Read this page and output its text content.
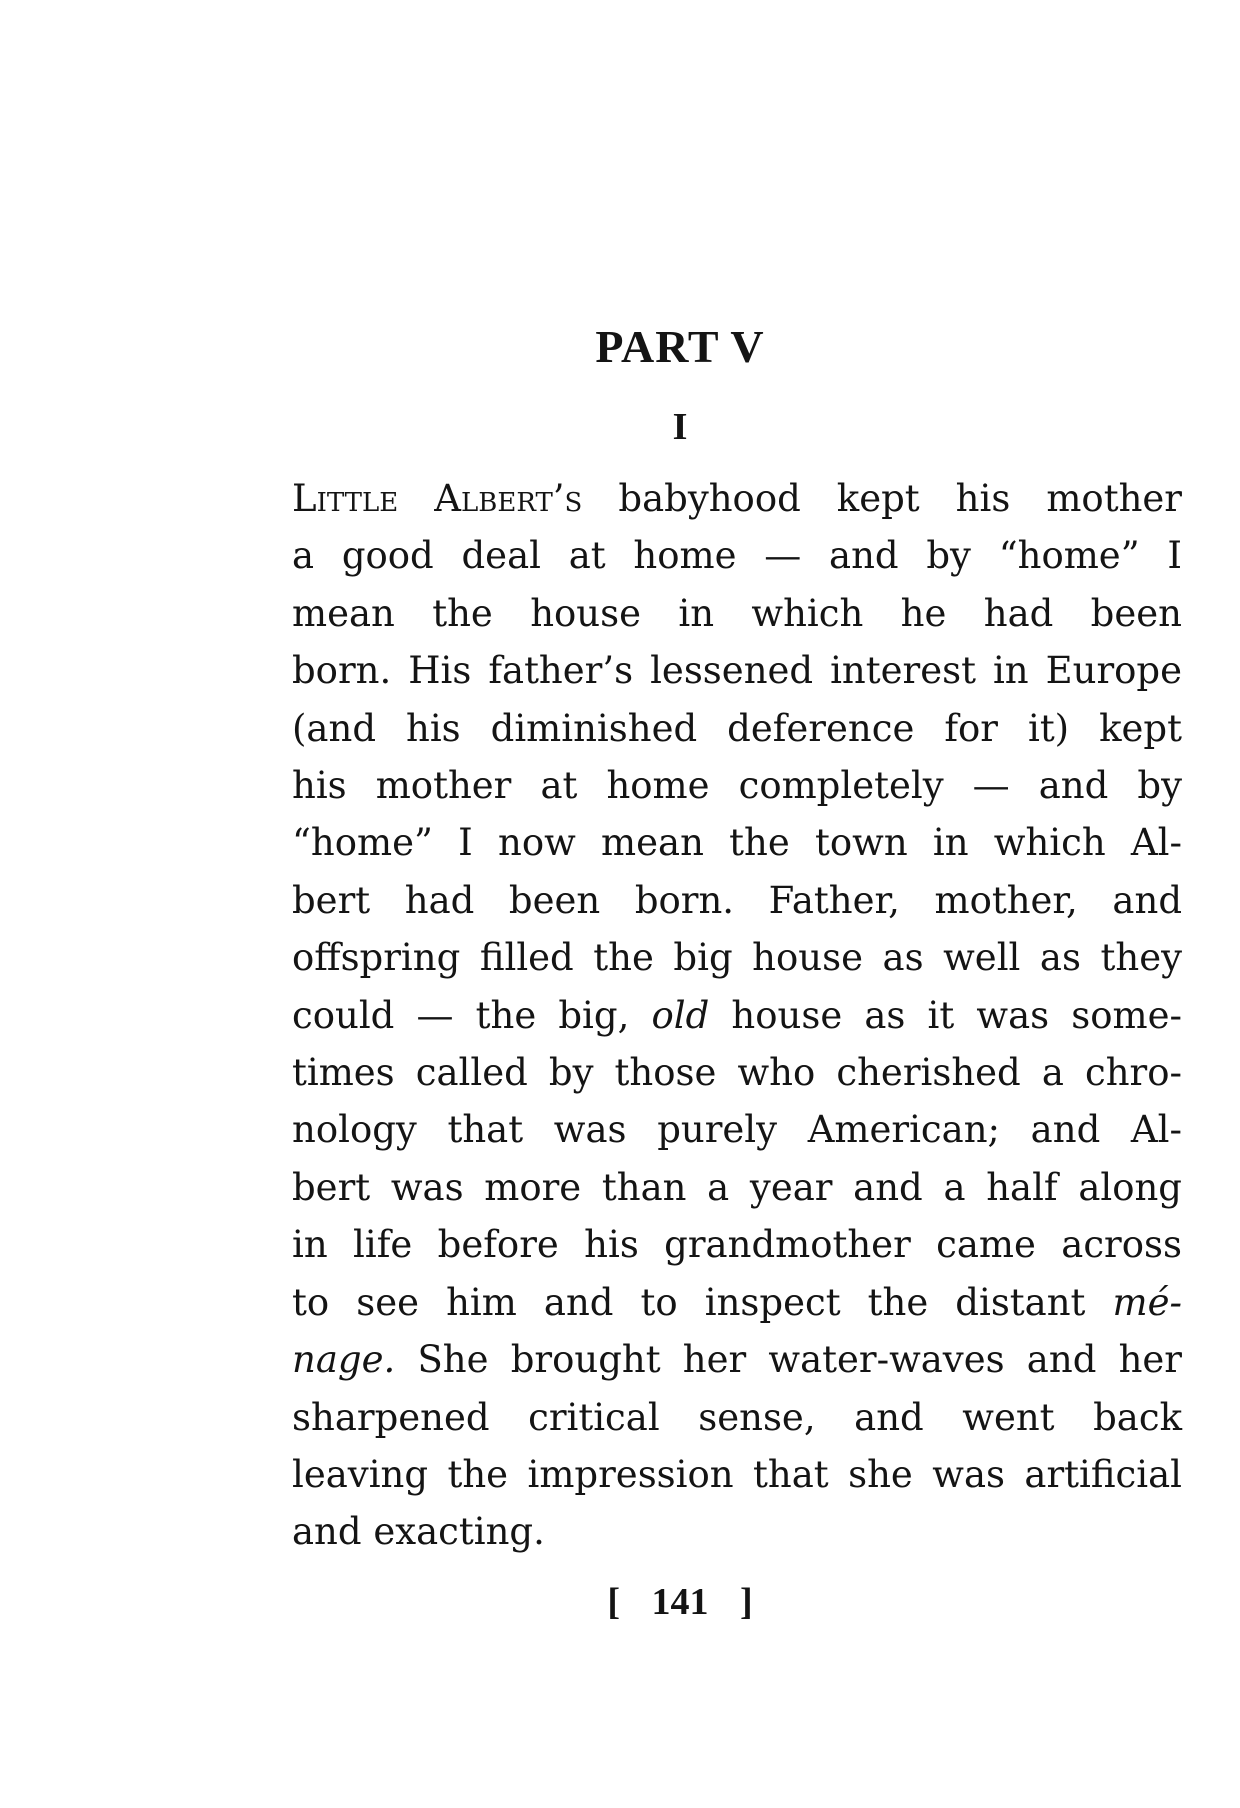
PART V
I

Little Albert’s babyhood kept his mother
a good deal at home — and by “home” I
mean the house in which he had been
born. His father’s lessened interest in Europe
(and his diminished deference for it) kept
his mother at home completely — and by
“home” I now mean the town in which Al-
bert had been born. Father, mother, and
offspring filled the big house as well as they
could — the big, old house as it was some-
times called by those who cherished a chro-
nology that was purely American; and Al-
bert was more than a year and a half along
in life before his grandmother came across
to see him and to inspect the distant mé-
nage. She brought her water-waves and her
sharpened critical sense, and went back
leaving the impression that she was artificial
and exacting.

[ 141 ]
